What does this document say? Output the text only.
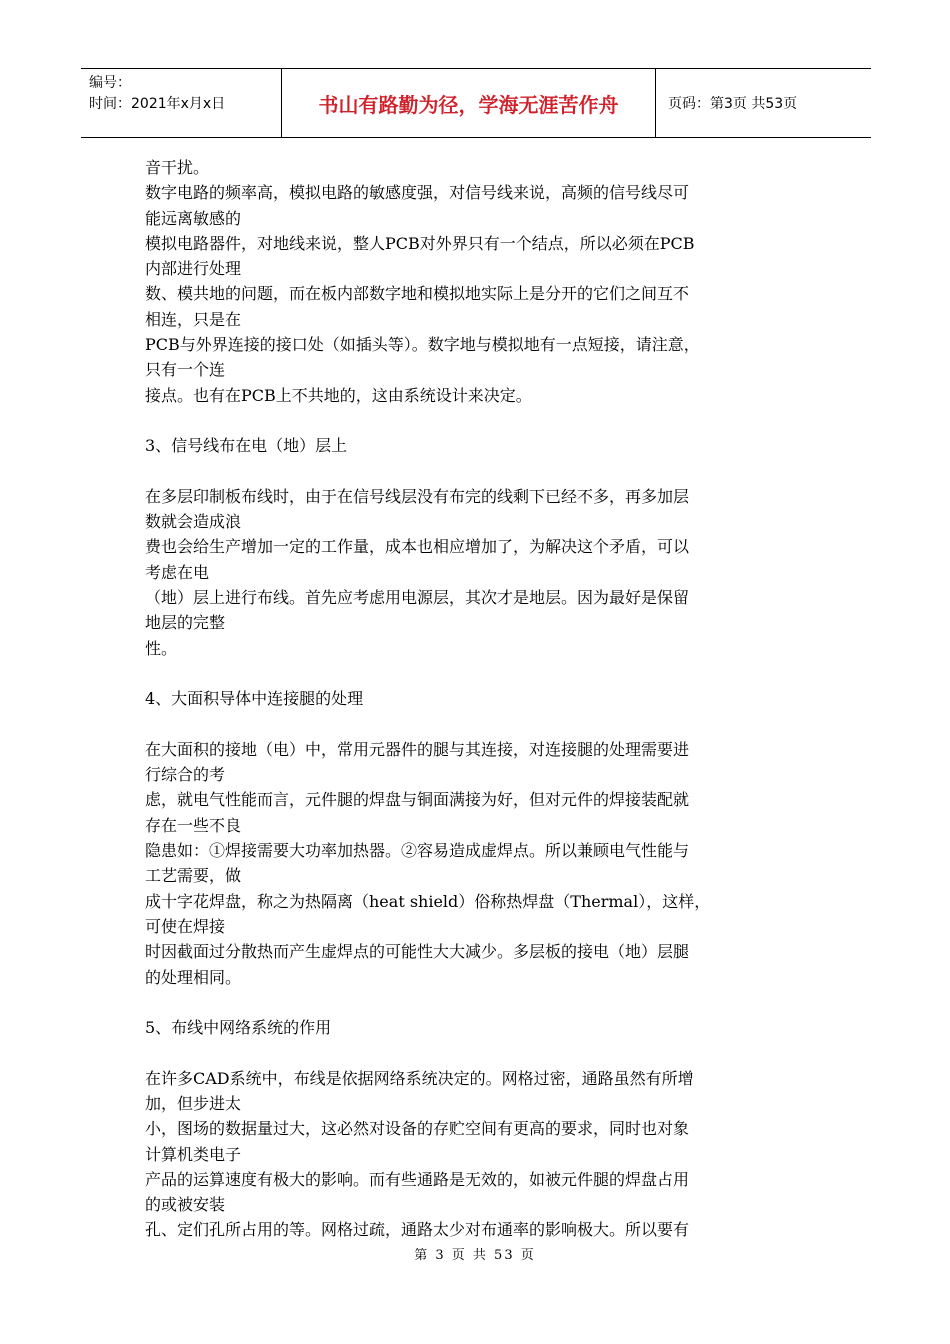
编号：
时间：2021年x月x日	书山有路勤为径，学海无涯苦作舟	页码：第3页 共53页

音干扰。
数字电路的频率高，模拟电路的敏感度强，对信号线来说，高频的信号线尽可
能远离敏感的
模拟电路器件，对地线来说，整人PCB对外界只有一个结点，所以必须在PCB
内部进行处理
数、模共地的问题，而在板内部数字地和模拟地实际上是分开的它们之间互不
相连，只是在
PCB与外界连接的接口处（如插头等）。数字地与模拟地有一点短接，请注意，
只有一个连
接点。也有在PCB上不共地的，这由系统设计来决定。

3、信号线布在电（地）层上

在多层印制板布线时，由于在信号线层没有布完的线剩下已经不多，再多加层
数就会造成浪
费也会给生产增加一定的工作量，成本也相应增加了，为解决这个矛盾，可以
考虑在电
（地）层上进行布线。首先应考虑用电源层，其次才是地层。因为最好是保留
地层的完整
性。

4、大面积导体中连接腿的处理

在大面积的接地（电）中，常用元器件的腿与其连接，对连接腿的处理需要进
行综合的考
虑，就电气性能而言，元件腿的焊盘与铜面满接为好，但对元件的焊接装配就
存在一些不良
隐患如：①焊接需要大功率加热器。②容易造成虚焊点。所以兼顾电气性能与
工艺需要，做
成十字花焊盘，称之为热隔离（heat shield）俗称热焊盘（Thermal），这样，
可使在焊接
时因截面过分散热而产生虚焊点的可能性大大减少。多层板的接电（地）层腿
的处理相同。

5、布线中网络系统的作用

在许多CAD系统中，布线是依据网络系统决定的。网格过密，通路虽然有所增
加，但步进太
小，图场的数据量过大，这必然对设备的存贮空间有更高的要求，同时也对象
计算机类电子
产品的运算速度有极大的影响。而有些通路是无效的，如被元件腿的焊盘占用
的或被安装
孔、定们孔所占用的等。网格过疏，通路太少对布通率的影响极大。所以要有

第 3 页 共 53 页
